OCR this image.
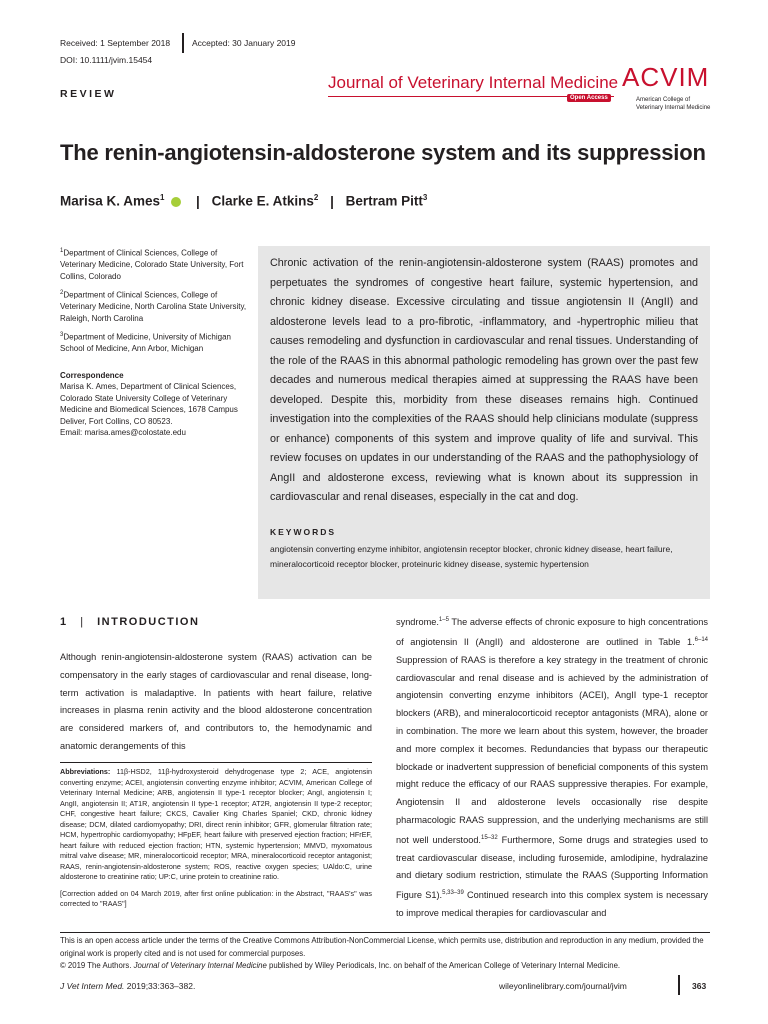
Received: 1 September 2018	Accepted: 30 January 2019
DOI: 10.1111/jvim.15454
REVIEW
Journal of Veterinary Internal Medicine
Open Access
ACVIM
American College of
Veterinary Internal Medicine
The renin-angiotensin-aldosterone system and its suppression
Marisa K. Ames$^1$ | Clarke E. Atkins$^2$ | Bertram Pitt$^3$
$^1$Department of Clinical Sciences, College of Veterinary Medicine, Colorado State University, Fort Collins, Colorado
$^2$Department of Clinical Sciences, College of Veterinary Medicine, North Carolina State University, Raleigh, North Carolina
$^3$Department of Medicine, University of Michigan School of Medicine, Ann Arbor, Michigan
Correspondence
Marisa K. Ames, Department of Clinical Sciences, Colorado State University College of Veterinary Medicine and Biomedical Sciences, 1678 Campus Deliver, Fort Collins, CO 80523.
Email: marisa.ames@colostate.edu
Chronic activation of the renin-angiotensin-aldosterone system (RAAS) promotes and perpetuates the syndromes of congestive heart failure, systemic hypertension, and chronic kidney disease. Excessive circulating and tissue angiotensin II (AngII) and aldosterone levels lead to a pro-fibrotic, -inflammatory, and -hypertrophic milieu that causes remodeling and dysfunction in cardiovascular and renal tissues. Understanding of the role of the RAAS in this abnormal pathologic remodeling has grown over the past few decades and numerous medical therapies aimed at suppressing the RAAS have been developed. Despite this, morbidity from these diseases remains high. Continued investigation into the complexities of the RAAS should help clinicians modulate (suppress or enhance) components of this system and improve quality of life and survival. This review focuses on updates in our understanding of the RAAS and the pathophysiology of AngII and aldosterone excess, reviewing what is known about its suppression in cardiovascular and renal diseases, especially in the cat and dog.
KEYWORDS
angiotensin converting enzyme inhibitor, angiotensin receptor blocker, chronic kidney disease, heart failure, mineralocorticoid receptor blocker, proteinuric kidney disease, systemic hypertension
1 | INTRODUCTION
Although renin-angiotensin-aldosterone system (RAAS) activation can be compensatory in the early stages of cardiovascular and renal disease, long-term activation is maladaptive. In patients with heart failure, relative increases in plasma renin activity and the blood aldosterone concentration are considered markers of, and contributors to, the hemodynamic and anatomic derangements of this
Abbreviations: 11β-HSD2, 11β-hydroxysteroid dehydrogenase type 2; ACE, angiotensin converting enzyme; ACEI, angiotensin converting enzyme inhibitor; ACVIM, American College of Veterinary Internal Medicine; ARB, angiotensin II type-1 receptor blocker; AngI, angiotensin I; AngII, angiotensin II; AT1R, angiotensin II type-1 receptor; AT2R, angiotensin II type-2 receptor; CHF, congestive heart failure; CKCS, Cavalier King Charles Spaniel; CKD, chronic kidney disease; DCM, dilated cardiomyopathy; DRI, direct renin inhibitor; GFR, glomerular filtration rate; HCM, hypertrophic cardiomyopathy; HFpEF, heart failure with preserved ejection fraction; HFrEF, heart failure with reduced ejection fraction; HTN, systemic hypertension; MMVD, myxomatous mitral valve disease; MR, mineralocorticoid receptor; MRA, mineralocorticoid receptor antagonist; RAAS, renin-angiotensin-aldosterone system; ROS, reactive oxygen species; UAldo:C, urine aldosterone to creatinine ratio; UP:C, urine protein to creatinine ratio.
[Correction added on 04 March 2019, after first online publication: in the Abstract, "RAAS's" was corrected to "RAAS"]
syndrome.$^{1-5}$ The adverse effects of chronic exposure to high concentrations of angiotensin II (AngII) and aldosterone are outlined in Table 1.$^{6-14}$ Suppression of RAAS is therefore a key strategy in the treatment of chronic cardiovascular and renal disease and is achieved by the administration of angiotensin converting enzyme inhibitors (ACEI), AngII type-1 receptor blockers (ARB), and mineralocorticoid receptor antagonists (MRA), alone or in combination. The more we learn about this system, however, the broader and more complex it becomes. Redundancies that bypass our therapeutic blockade or inadvertent suppression of beneficial components of this system might reduce the efficacy of our RAAS suppressive therapies. For example, Angiotensin II and aldosterone levels occasionally rise despite pharmacologic RAAS suppression, and the underlying mechanisms are still not well understood.$^{15-32}$ Furthermore, Some drugs and strategies used to treat cardiovascular disease, including furosemide, amlodipine, hydralazine and dietary sodium restriction, stimulate the RAAS (Supporting Information Figure S1).$^{5,33-39}$ Continued research into this complex system is necessary to improve medical therapies for cardiovascular and
This is an open access article under the terms of the Creative Commons Attribution-NonCommercial License, which permits use, distribution and reproduction in any medium, provided the original work is properly cited and is not used for commercial purposes.
© 2019 The Authors. Journal of Veterinary Internal Medicine published by Wiley Periodicals, Inc. on behalf of the American College of Veterinary Internal Medicine.
J Vet Intern Med. 2019;33:363–382.	wileyonlinelibrary.com/journal/jvim	363
